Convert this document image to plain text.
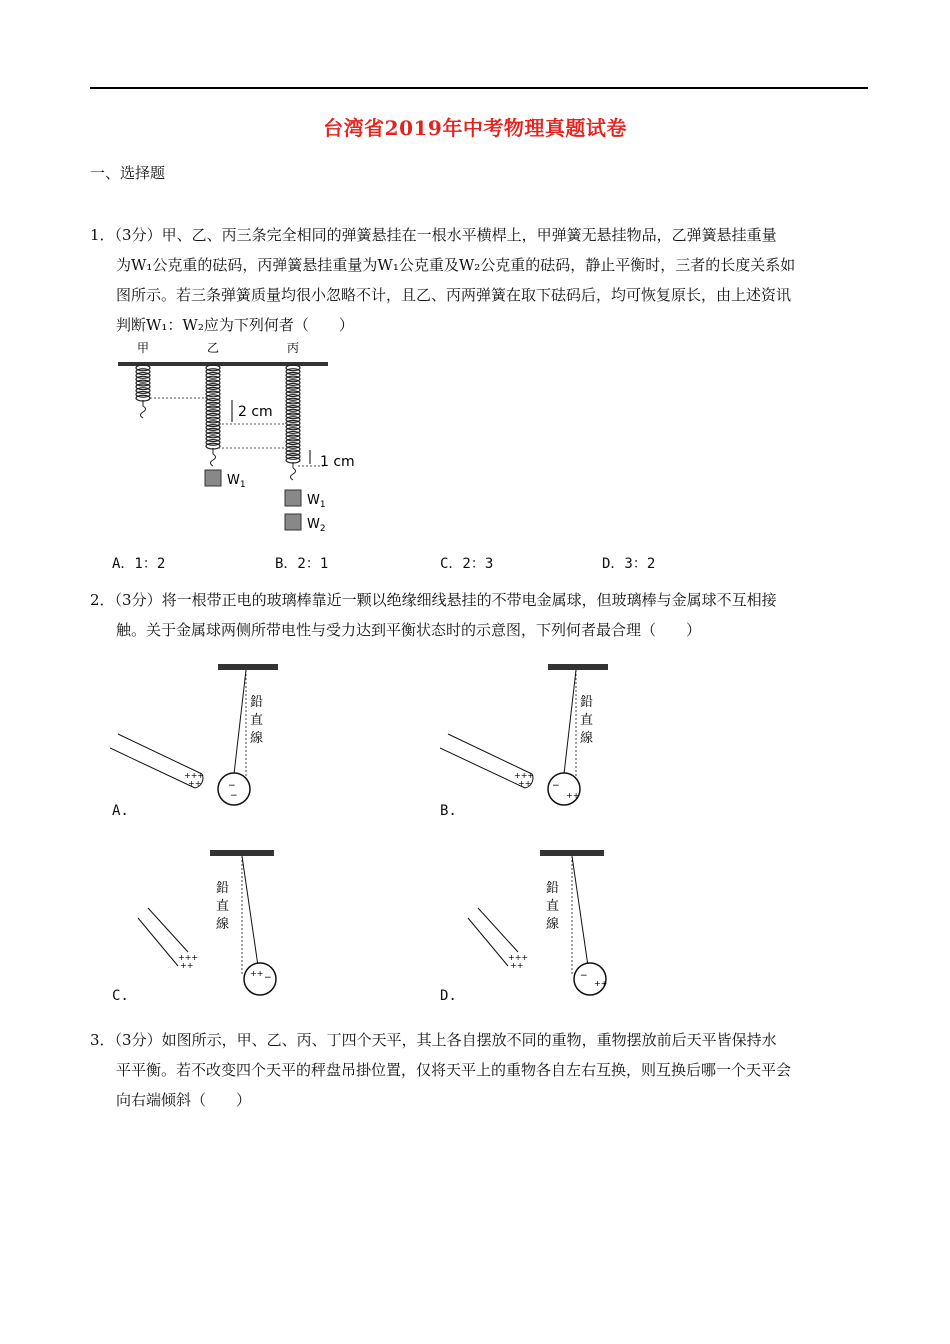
台湾省2019年中考物理真题试卷
一、选择题
1．（3分）甲、乙、丙三条完全相同的弹簧悬挂在一根水平横桿上，甲弹簧无悬挂物品，乙弹簧悬挂重量
为W₁公克重的砝码，丙弹簧悬挂重量为W₁公克重及W₂公克重的砝码，静止平衡时，三者的长度关系如
图所示。若三条弹簧质量均很小忽略不计，且乙、丙两弹簧在取下砝码后，均可恢复原长，由上述资讯
判断W₁：W₂应为下列何者（　　）
甲	乙	丙
2 cm
1 cm
$W_1$
$W_1$
$W_2$
A．1：2	B．2：1	C．2：3	D．3：2
2．（3分）将一根带正电的玻璃棒靠近一颗以绝缘细线悬挂的不带电金属球，但玻璃棒与金属球不互相接
触。关于金属球两侧所带电性与受力达到平衡状态时的示意图，下列何者最合理（　　）
+++
++	−
−
鉛
直
線
A.
+++
++ −
++
鉛
直
線
B.
+++
++
++ −
鉛
直
線
C.
+++
++
−
++
鉛
直
線
D.
3．（3分）如图所示，甲、乙、丙、丁四个天平，其上各自摆放不同的重物，重物摆放前后天平皆保持水
平平衡。若不改变四个天平的秤盘吊掛位置，仅将天平上的重物各自左右互换，则互换后哪一个天平会
向右端倾斜（　　）
